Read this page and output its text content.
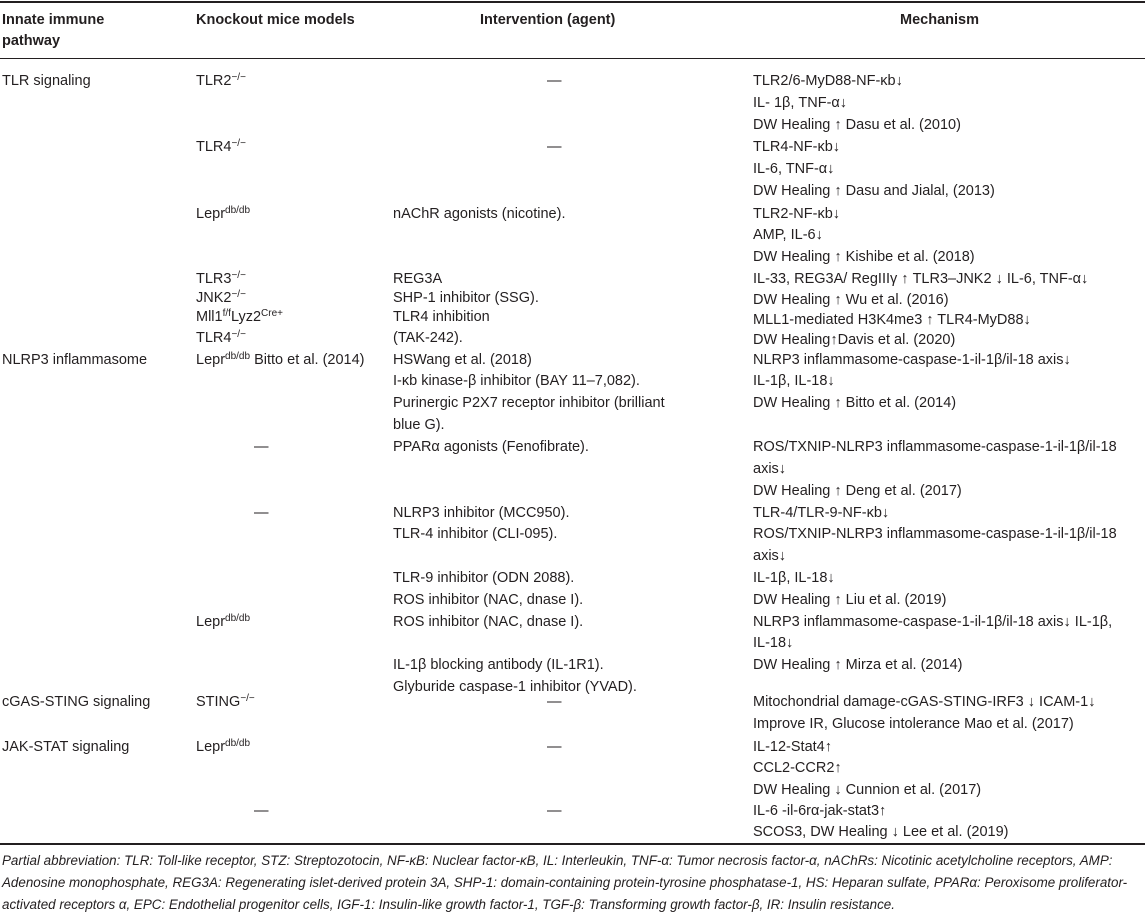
Innate immune
pathway
Knockout mice models	Intervention (agent)	Mechanism
TLR signaling
NLRP3 inflammasome
cGAS-STING signaling
JAK-STAT signaling
TLR2−/−
TLR4−/−
Lepr$^{db/db}$
TLR3−/−
JNK2−/−
$Mll1^{f/f}Lyz2^{Cre+}$
TLR4−/−
Lepr$^{db/db}$ Bitto et al. (2014)
—
—
Lepr$^{db/db}$
STING−/−
Lepr$^{db/db}$
—
—
—
nAChR agonists (nicotine).
REG3A
SHP-1 inhibitor (SSG).
TLR4 inhibition
(TAK-242).
HSWang et al. (2018)
I-κb kinase-β inhibitor (BAY 11–7,082).
Purinergic P2X7 receptor inhibitor (brilliant
blue G).
PPARα agonists (Fenofibrate).
NLRP3 inhibitor (MCC950).
TLR-4 inhibitor (CLI-095).
TLR-9 inhibitor (ODN 2088).
ROS inhibitor (NAC, dnase I).
ROS inhibitor (NAC, dnase I).
IL-1β blocking antibody (IL-1R1).
Glyburide caspase-1 inhibitor (YVAD).
—
—
—
TLR2/6-MyD88-NF-κb↓
IL- 1β, TNF-α↓
DW Healing ↑ Dasu et al. (2010)
TLR4-NF-κb↓
IL-6, TNF-α↓
DW Healing ↑ Dasu and Jialal, (2013)
TLR2-NF-κb↓
AMP, IL-6↓
DW Healing ↑ Kishibe et al. (2018)
IL-33, REG3A/ RegIIIγ ↑ TLR3–JNK2 ↓ IL-6, TNF-α↓
DW Healing ↑ Wu et al. (2016)
MLL1-mediated H3K4me3 ↑ TLR4-MyD88↓
DW Healing↑Davis et al. (2020)
NLRP3 inflammasome-caspase-1-il-1β/il-18 axis↓
IL-1β, IL-18↓
DW Healing ↑ Bitto et al. (2014)
ROS/TXNIP-NLRP3 inflammasome-caspase-1-il-1β/il-18
axis↓
DW Healing ↑ Deng et al. (2017)
TLR-4/TLR-9-NF-κb↓
ROS/TXNIP-NLRP3 inflammasome-caspase-1-il-1β/il-18
axis↓
IL-1β, IL-18↓
DW Healing ↑ Liu et al. (2019)
NLRP3 inflammasome-caspase-1-il-1β/il-18 axis↓ IL-1β,
IL-18↓
DW Healing ↑ Mirza et al. (2014)
Mitochondrial damage-cGAS-STING-IRF3 ↓ ICAM-1↓
Improve IR, Glucose intolerance Mao et al. (2017)
IL-12-Stat4↑
CCL2-CCR2↑
DW Healing ↓ Cunnion et al. (2017)
IL-6 -il-6rα-jak-stat3↑
SCOS3, DW Healing ↓ Lee et al. (2019)
Partial abbreviation: TLR: Toll-like receptor, STZ: Streptozotocin, NF-κB: Nuclear factor-κB, IL: Interleukin, TNF-α: Tumor necrosis factor-α, nAChRs: Nicotinic acetylcholine receptors, AMP: Adenosine monophosphate, REG3A: Regenerating islet-derived protein 3A, SHP-1: domain-containing protein-tyrosine phosphatase-1, HS: Heparan sulfate, PPARα: Peroxisome proliferator-activated receptors α, EPC: Endothelial progenitor cells, IGF-1: Insulin-like growth factor-1, TGF-β: Transforming growth factor-β, IR: Insulin resistance.
